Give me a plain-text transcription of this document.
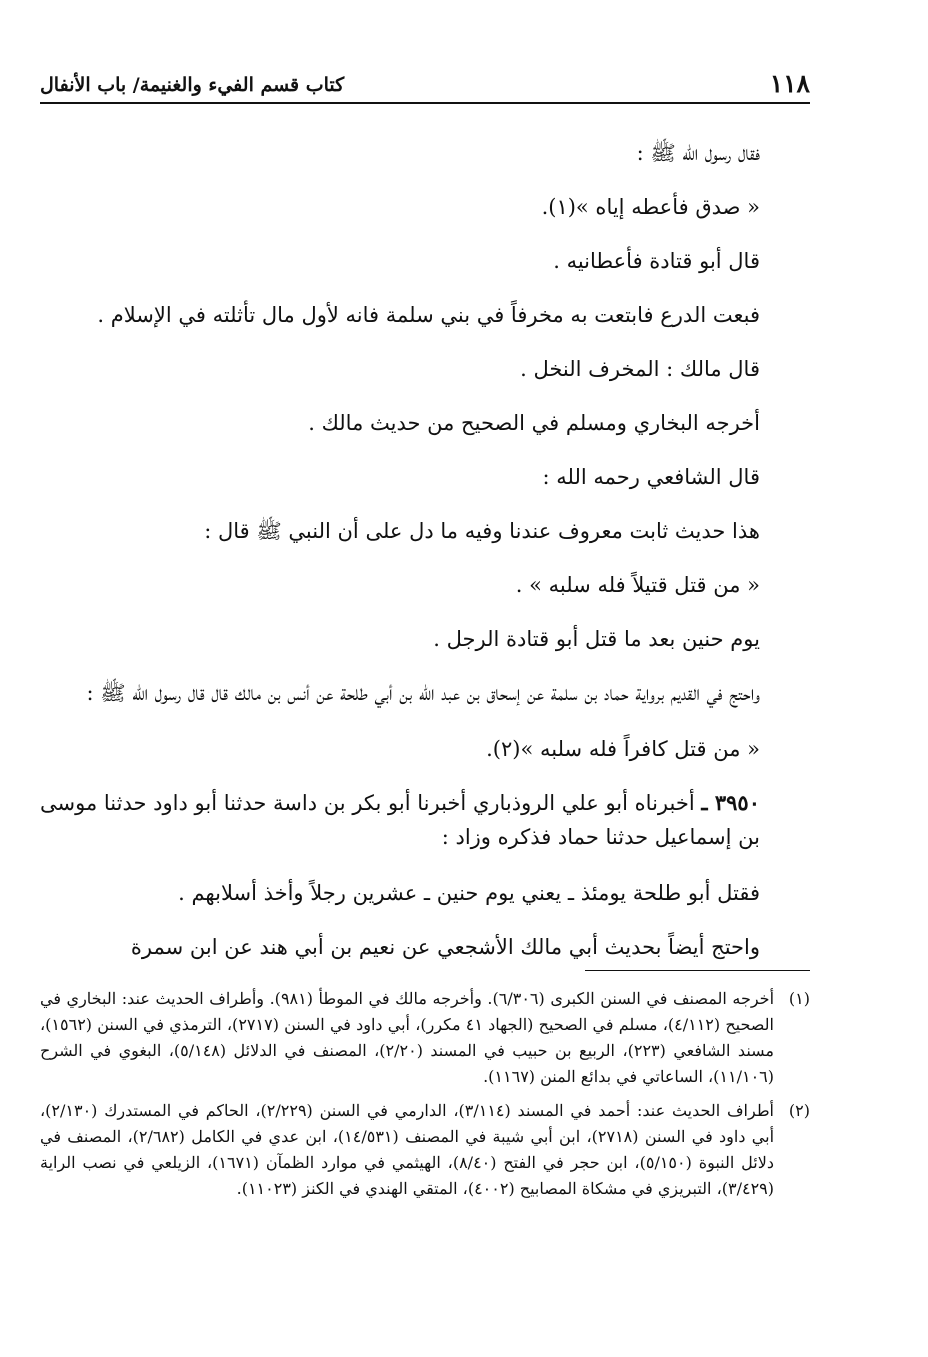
١١٨
كتاب قسم الفيء والغنيمة/ باب الأنفال

فقال رسول الله ﷺ :

« صدق فأعطه إياه »(١).

قال أبو قتادة فأعطانيه .

فبعت الدرع فابتعت به مخرفاً في بني سلمة فانه لأول مال تأثلته في الإسلام .

قال مالك : المخرف النخل .

أخرجه البخاري ومسلم في الصحيح من حديث مالك .

قال الشافعي رحمه الله :

هذا حديث ثابت معروف عندنا وفيه ما دل على أن النبي ﷺ قال :

« من قتل قتيلاً فله سلبه » .

يوم حنين بعد ما قتل أبو قتادة الرجل .

واحتج في القديم برواية حماد بن سلمة عن إسحاق بن عبد الله بن أبي طلحة عن أنس بن مالك قال قال رسول الله ﷺ :

« من قتل كافراً فله سلبه »(٢).

٣٩٥٠ ـ أخبرناه أبو علي الروذباري أخبرنا أبو بكر بن داسة حدثنا أبو داود حدثنا موسى بن إسماعيل حدثنا حماد فذكره وزاد :

فقتل أبو طلحة يومئذ ـ يعني يوم حنين ـ عشرين رجلاً وأخذ أسلابهم .

واحتج أيضاً بحديث أبي مالك الأشجعي عن نعيم بن أبي هند عن ابن سمرة

(١)
أخرجه المصنف في السنن الكبرى (٦/٣٠٦). وأخرجه مالك في الموطأ (٩٨١). وأطراف الحديث عند: البخاري في الصحيح (٤/١١٢)، مسلم في الصحيح (الجهاد ٤١ مكرر)، أبي داود في السنن (٢٧١٧)، الترمذي في السنن (١٥٦٢)، مسند الشافعي (٢٢٣)، الربيع بن حبيب في المسند (٢/٢٠)، المصنف في الدلائل (٥/١٤٨)، البغوي في الشرح (١١/١٠٦)، الساعاتي في بدائع المنن (١١٦٧).
(٢)
أطراف الحديث عند: أحمد في المسند (٣/١١٤)، الدارمي في السنن (٢/٢٢٩)، الحاكم في المستدرك (٢/١٣٠)، أبي داود في السنن (٢٧١٨)، ابن أبي شيبة في المصنف (١٤/٥٣١)، ابن عدي في الكامل (٢/٦٨٢)، المصنف في دلائل النبوة (٥/١٥٠)، ابن حجر في الفتح (٨/٤٠)، الهيثمي في موارد الظمآن (١٦٧١)، الزيلعي في نصب الراية (٣/٤٢٩)، التبريزي في مشكاة المصابيح (٤٠٠٢)، المتقي الهندي في الكنز (١١٠٢٣).
